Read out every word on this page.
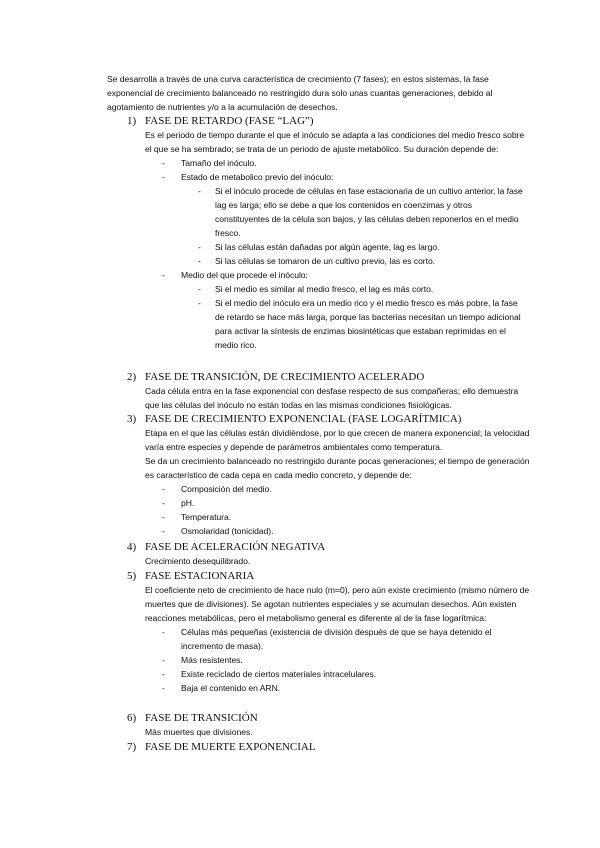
Se desarrolla a través de una curva característica de crecimiento (7 fases); en estos sistemas, la fase exponencial de crecimiento balanceado no restringido dura solo unas cuantas generaciones, debido al agotamiento de nutrientes y/o a la acumulación de desechos.

1) FASE DE RETARDO (FASE “LAG”)
Es el periodo de tiempo durante el que el inóculo se adapta a las condiciones del medio fresco sobre el que se ha sembrado; se trata de un periodo de ajuste metabólico. Su duración depende de:
- Tamaño del inóculo.
- Estado de metabolico previo del inóculo:
- Si el inóculo procede de células en fase estacionaria de un cultivo anterior, la fase lag es larga; ello se debe a que los contenidos en coenzimas y otros constituyentes de la célula son bajos, y las células deben reponerlos en el medio fresco.
- Si las células están dañadas por algún agente, lag es largo.
- Si las células se tomaron de un cultivo previo, las es corto.
- Medio del que procede el inóculo:
- Si el medio es similar al medio fresco, el lag es más corto.
- Si el medio del inóculo era un medio rico y el medio fresco es más pobre, la fase de retardo se hace más larga, porque las bacterias necesitan un tiempo adicional para activar la síntesis de enzimas biosintéticas que estaban reprimidas en el medio rico.
2) FASE DE TRANSICIÓN, DE CRECIMIENTO ACELERADO
Cada célula entra en la fase exponencial con desfase respecto de sus compañeras; ello demuestra que las células del inóculo no están todas en las mismas condiciones fisiológicas.
3) FASE DE CRECIMIENTO EXPONENCIAL (FASE LOGARÍTMICA)
Etapa en el que las células están dividiéndose, por lo que crecen de manera exponencial; la velocidad varía entre especies y depende de parámetros ambientales como temperatura.
Se da un crecimiento balanceado no restringido durante pocas generaciones; el tiempo de generación es característico de cada cepa en cada medio concreto, y depende de:
- Composición del medio.
- pH.
- Temperatura.
- Osmolaridad (tonicidad).
4) FASE DE ACELERACIÓN NEGATIVA
Crecimiento desequilibrado.
5) FASE ESTACIONARIA
El coeficiente neto de crecimiento de hace nulo (m=0), pero aún existe crecimiento (mismo número de muertes que de divisiones). Se agotan nutrientes especiales y se acumulan desechos. Aún existen reacciones metabólicas, pero el metabolismo general es diferente al de la fase logarítmica:
- Células más pequeñas (existencia de división después de que se haya detenido el incremento de masa).
- Más resistentes.
- Existe reciclado de ciertos materiales intracelulares.
- Baja el contenido en ARN.
6) FASE DE TRANSICIÓN
Más muertes que divisiones.
7) FASE DE MUERTE EXPONENCIAL
